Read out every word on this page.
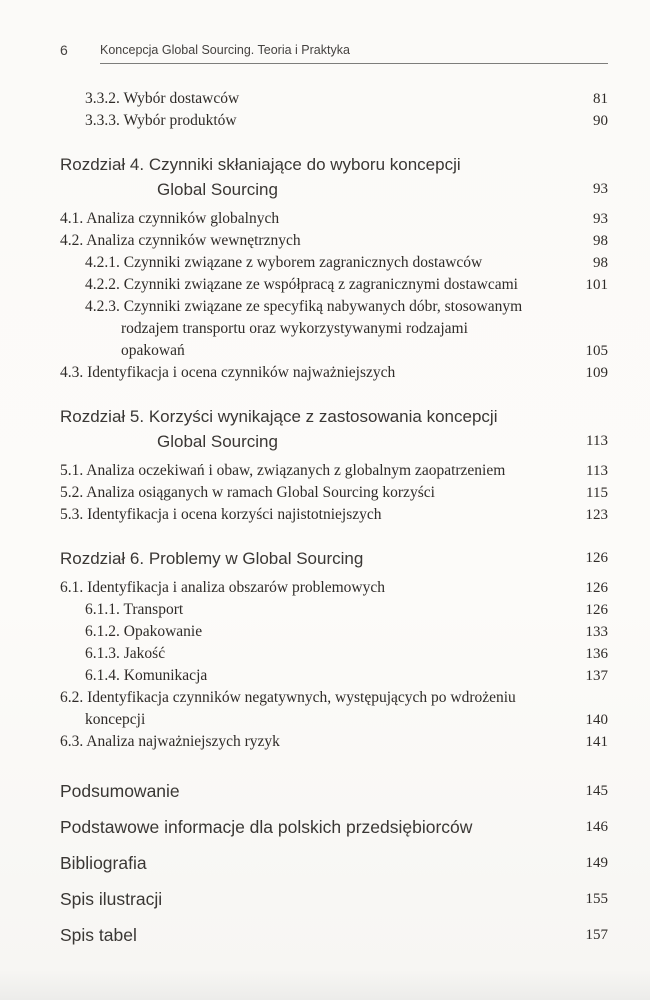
6	Koncepcja Global Sourcing. Teoria i Praktyka
3.3.2. Wybór dostawców	81
3.3.3. Wybór produktów	90
Rozdział 4. Czynniki skłaniające do wyboru koncepcji
Global Sourcing	93
4.1. Analiza czynników globalnych	93
4.2. Analiza czynników wewnętrznych	98
4.2.1. Czynniki związane z wyborem zagranicznych dostawców	98
4.2.2. Czynniki związane ze współpracą z zagranicznymi dostawcami	101
4.2.3. Czynniki związane ze specyfiką nabywanych dóbr, stosowanym
rodzajem transportu oraz wykorzystywanymi rodzajami
opakowań	105
4.3. Identyfikacja i ocena czynników najważniejszych	109
Rozdział 5. Korzyści wynikające z zastosowania koncepcji
Global Sourcing	113
5.1. Analiza oczekiwań i obaw, związanych z globalnym zaopatrzeniem	113
5.2. Analiza osiąganych w ramach Global Sourcing korzyści	115
5.3. Identyfikacja i ocena korzyści najistotniejszych	123
Rozdział 6. Problemy w Global Sourcing	126
6.1. Identyfikacja i analiza obszarów problemowych	126
6.1.1. Transport	126
6.1.2. Opakowanie	133
6.1.3. Jakość	136
6.1.4. Komunikacja	137
6.2. Identyfikacja czynników negatywnych, występujących po wdrożeniu
koncepcji	140
6.3. Analiza najważniejszych ryzyk	141
Podsumowanie	145
Podstawowe informacje dla polskich przedsiębiorców	146
Bibliografia	149
Spis ilustracji	155
Spis tabel	157
